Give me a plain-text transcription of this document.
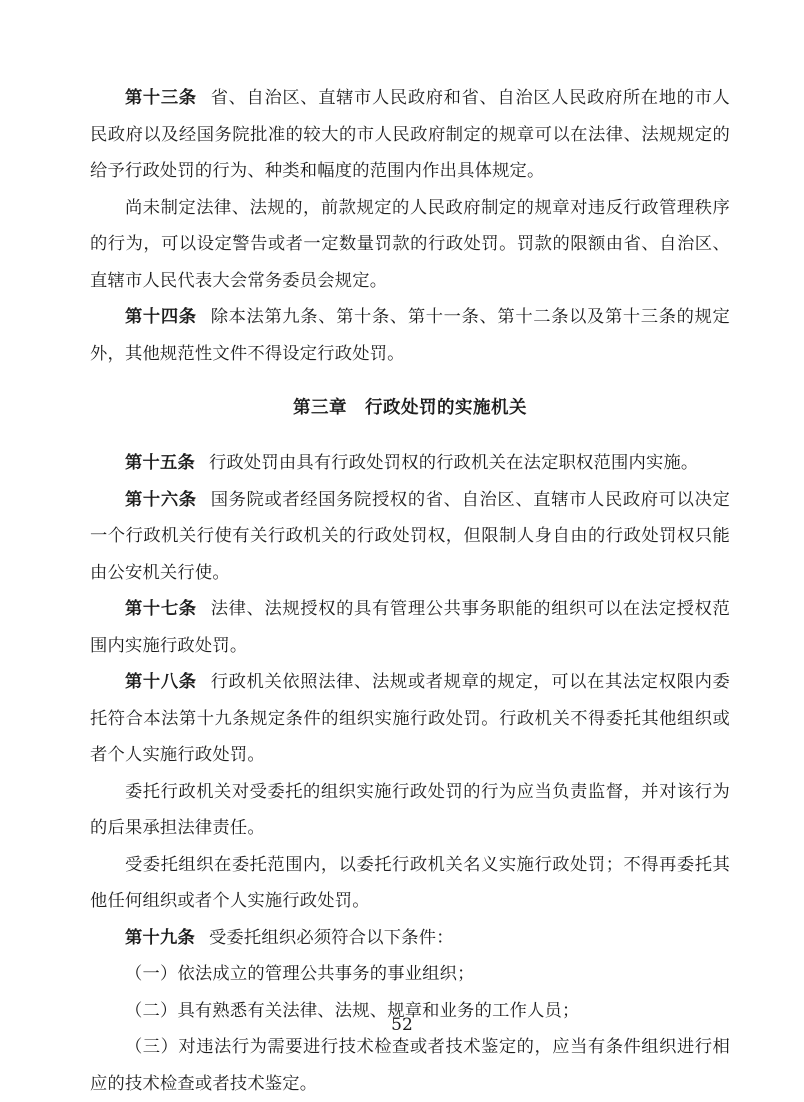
第十三条 省、自治区、直辖市人民政府和省、自治区人民政府所在地的市人民政府以及经国务院批准的较大的市人民政府制定的规章可以在法律、法规规定的给予行政处罚的行为、种类和幅度的范围内作出具体规定。

尚未制定法律、法规的，前款规定的人民政府制定的规章对违反行政管理秩序的行为，可以设定警告或者一定数量罚款的行政处罚。罚款的限额由省、自治区、直辖市人民代表大会常务委员会规定。

第十四条 除本法第九条、第十条、第十一条、第十二条以及第十三条的规定外，其他规范性文件不得设定行政处罚。

第三章 行政处罚的实施机关

第十五条 行政处罚由具有行政处罚权的行政机关在法定职权范围内实施。

第十六条 国务院或者经国务院授权的省、自治区、直辖市人民政府可以决定一个行政机关行使有关行政机关的行政处罚权，但限制人身自由的行政处罚权只能由公安机关行使。

第十七条 法律、法规授权的具有管理公共事务职能的组织可以在法定授权范围内实施行政处罚。

第十八条 行政机关依照法律、法规或者规章的规定，可以在其法定权限内委托符合本法第十九条规定条件的组织实施行政处罚。行政机关不得委托其他组织或者个人实施行政处罚。

委托行政机关对受委托的组织实施行政处罚的行为应当负责监督，并对该行为的后果承担法律责任。

受委托组织在委托范围内，以委托行政机关名义实施行政处罚；不得再委托其他任何组织或者个人实施行政处罚。

第十九条 受委托组织必须符合以下条件：

（一）依法成立的管理公共事务的事业组织；

（二）具有熟悉有关法律、法规、规章和业务的工作人员；

（三）对违法行为需要进行技术检查或者技术鉴定的，应当有条件组织进行相应的技术检查或者技术鉴定。

52
